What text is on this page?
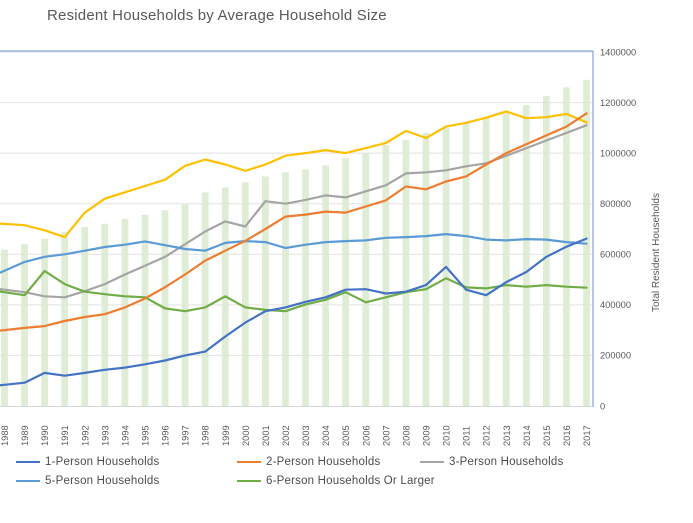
Resident Households by Average Household Size
1988 1989 1990 1991 1992 1993 1994 1995 1996 1997 1998 1999 2000 2001 2002 2003 2004 2005 2006 2007 2008 2009 2010 2011 2012 2013 2014 2015 2016 2017
0
200000
400000
600000
800000
1000000
1200000
1400000
Total Resident Households
1-Person Households	2-Person Households	3-Person Households
5-Person Households	6-Person Households Or Larger
